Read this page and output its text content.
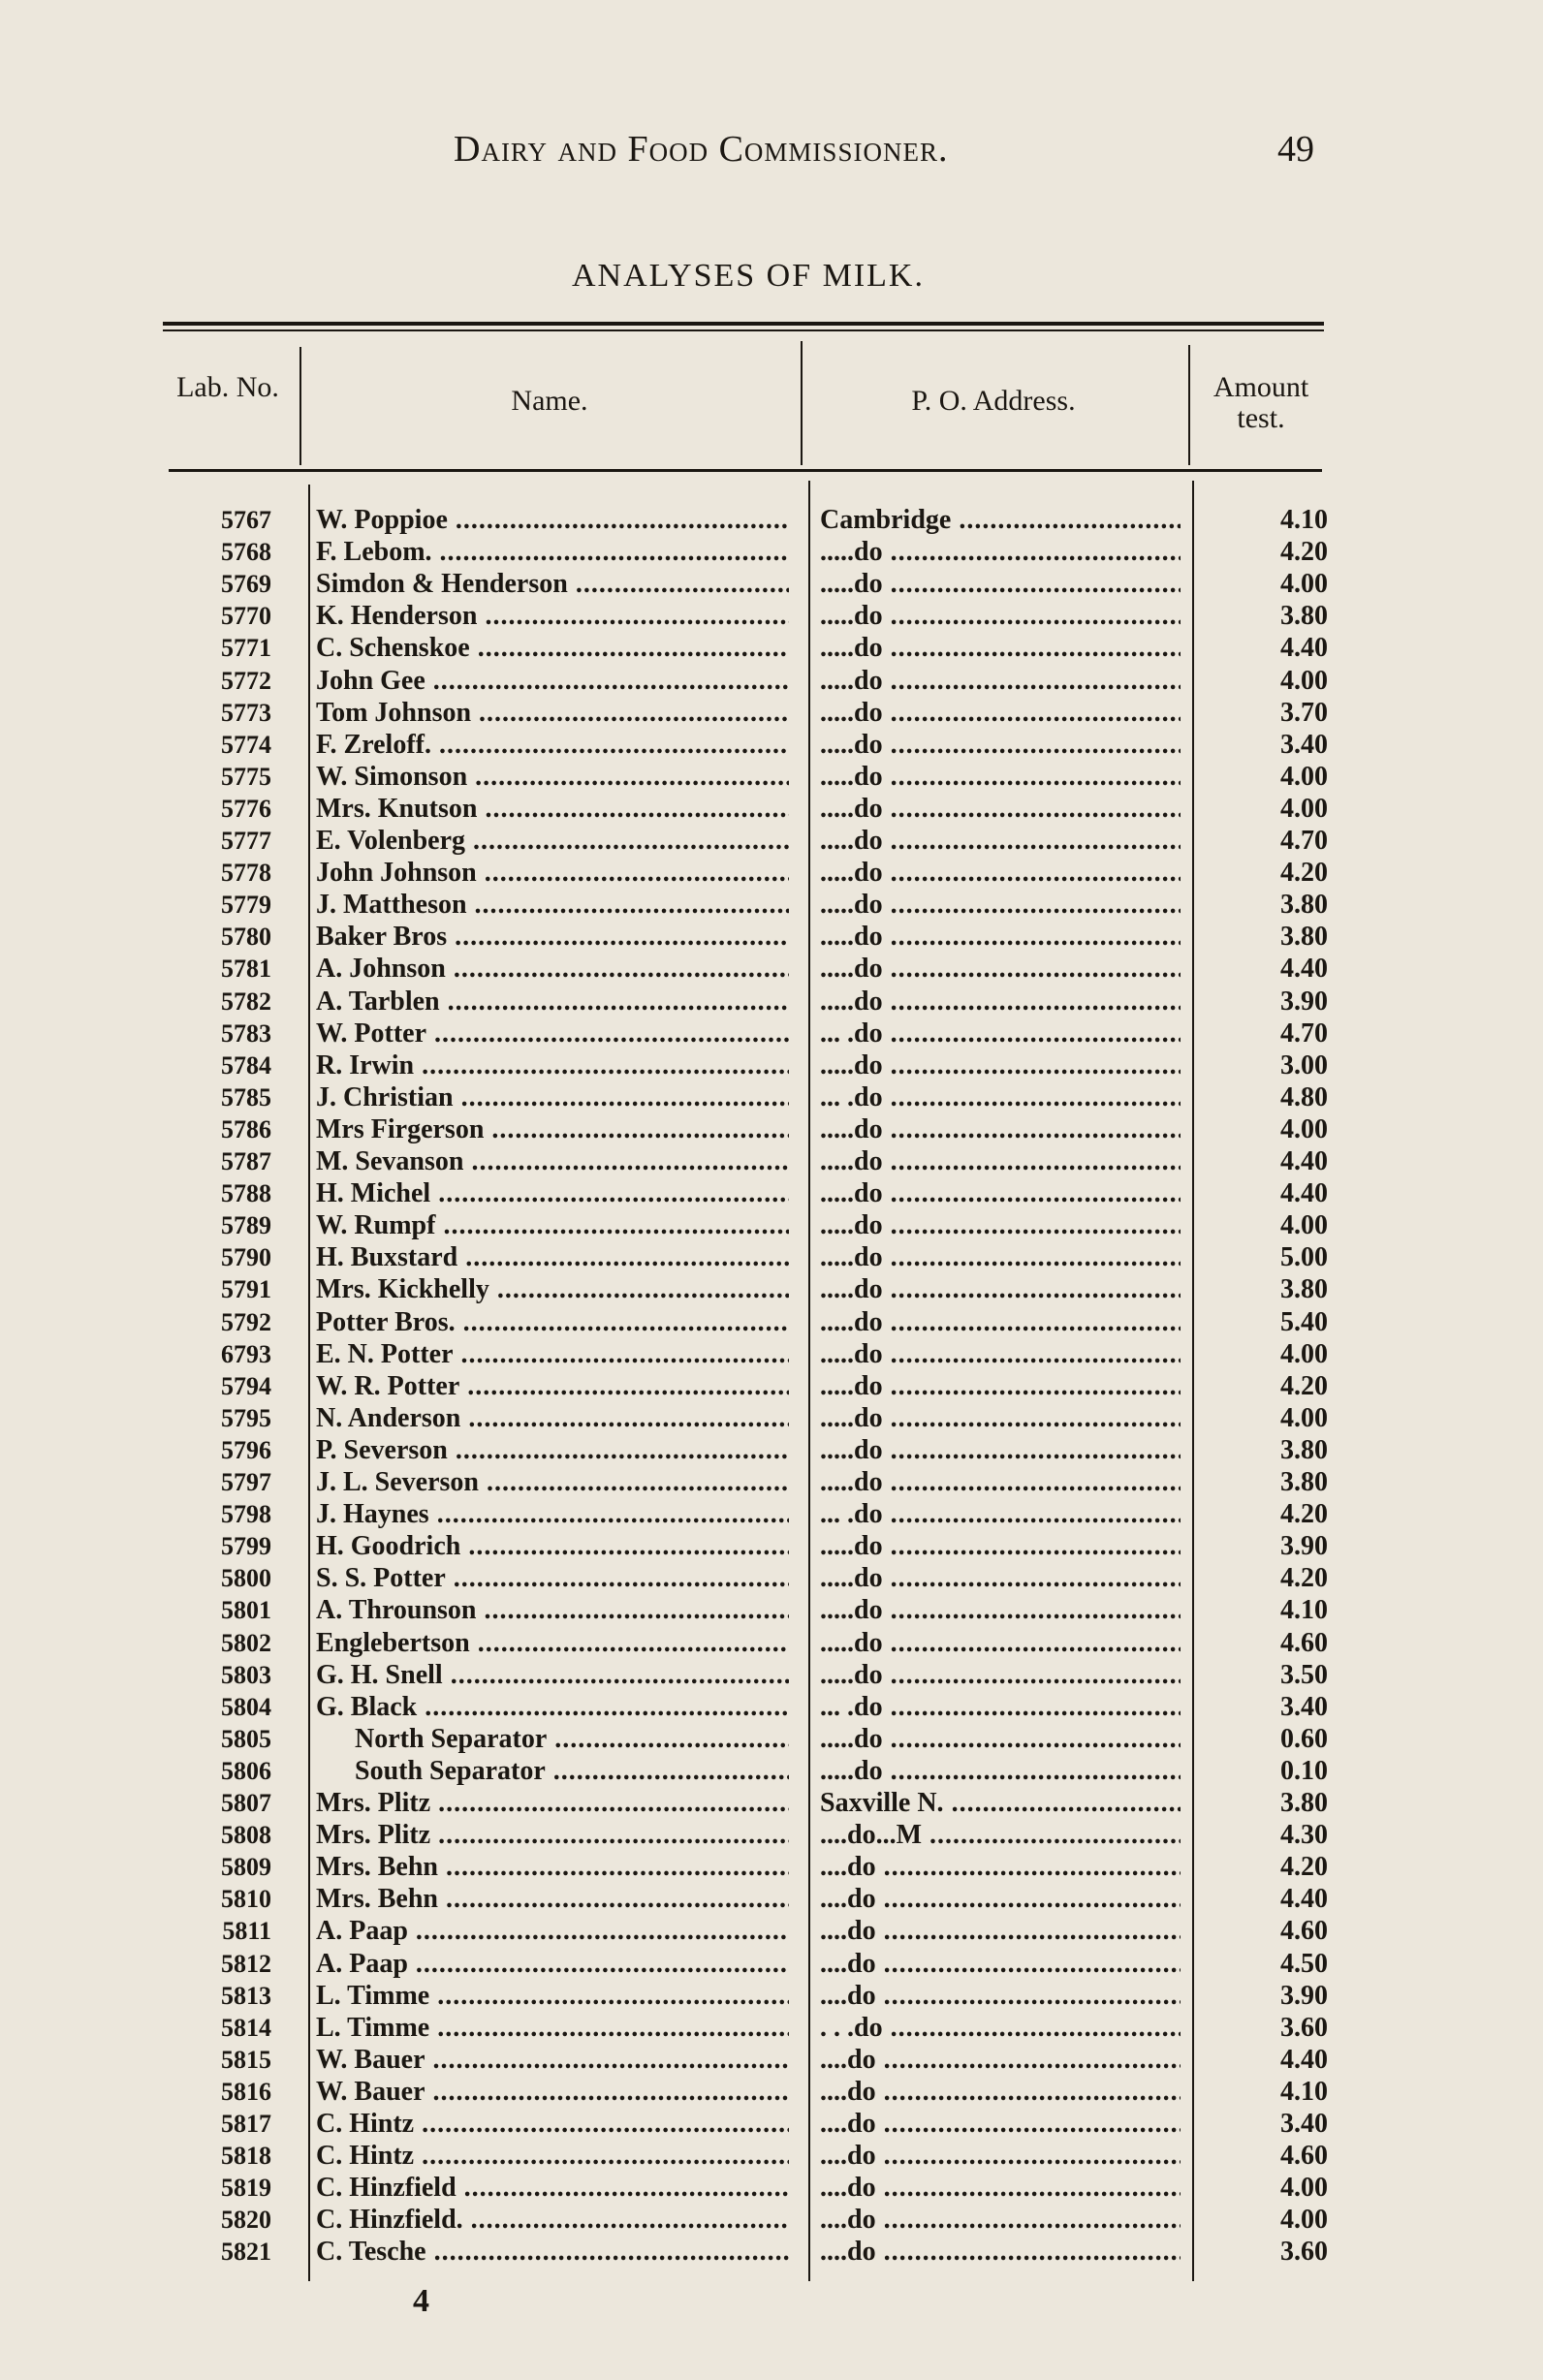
Dairy and Food Commissioner.	49
ANALYSES OF MILK.
Lab. No.	Name.	P. O. Address.	Amount test.
5767 W. Poppioe .....	Cambridge .....	4.10
5768 F. Lebom. .....	.....do .....	4.20
5769 Simdon & Henderson .....	.....do .....	4.00
5770 K. Henderson .....	.....do .....	3.80
5771 C. Schenskoe .....	.....do .....	4.40
5772 John Gee .....	.....do .....	4.00
5773 Tom Johnson .....	.....do .....	3.70
5774 F. Zreloff. .....	.....do .....	3.40
5775 W. Simonson .....	.....do .....	4.00
5776 Mrs. Knutson .....	.....do .....	4.00
5777 E. Volenberg .....	.....do .....	4.70
5778 John Johnson .....	.....do .....	4.20
5779 J. Mattheson .....	.....do .....	3.80
5780 Baker Bros .....	.....do .....	3.80
5781 A. Johnson .....	.....do .....	4.40
5782 A. Tarblen .....	.....do .....	3.90
5783 W. Potter .....	... .do .....	4.70
5784 R. Irwin .....	.....do .....	3.00
5785 J. Christian .....	... .do .....	4.80
5786 Mrs Firgerson .....	.....do .....	4.00
5787 M. Sevanson .....	.....do .....	4.40
5788 H. Michel .....	.....do .....	4.40
5789 W. Rumpf .....	.....do .....	4.00
5790 H. Buxstard .....	.....do .....	5.00
5791 Mrs. Kickhelly .....	.....do .....	3.80
5792 Potter Bros. .....	.....do .....	5.40
6793 E. N. Potter .....	.....do .....	4.00
5794 W. R. Potter .....	.....do .....	4.20
5795 N. Anderson .....	.....do .....	4.00
5796 P. Severson .....	.....do .....	3.80
5797 J. L. Severson .....	.....do .....	3.80
5798 J. Haynes .....	... .do .....	4.20
5799 H. Goodrich .....	.....do .....	3.90
5800 S. S. Potter .....	.....do .....	4.20
5801 A. Throunson .....	.....do .....	4.10
5802 Englebertson .....	.....do .....	4.60
5803 G. H. Snell .....	.....do .....	3.50
5804 G. Black .....	... .do .....	3.40
5805	North Separator .....	.....do .....	0.60
5806	South Separator .....	.....do .....	0.10
5807 Mrs. Plitz .....	Saxville N. .....	3.80
5808 Mrs. Plitz .....	....do...M .....	4.30
5809 Mrs. Behn .....	....do .....	4.20
5810 Mrs. Behn .....	....do .....	4.40
5811 A. Paap .....	....do .....	4.60
5812 A. Paap .....	....do .....	4.50
5813 L. Timme .....	....do .....	3.90
5814 L. Timme .....	. . .do .....	3.60
5815 W. Bauer .....	....do .....	4.40
5816 W. Bauer .....	....do .....	4.10
5817 C. Hintz .....	....do .....	3.40
5818 C. Hintz .....	....do .....	4.60
5819 C. Hinzfield .....	....do .....	4.00
5820 C. Hinzfield. .....	....do .....	4.00
5821 C. Tesche .....	....do .....	3.60
4
